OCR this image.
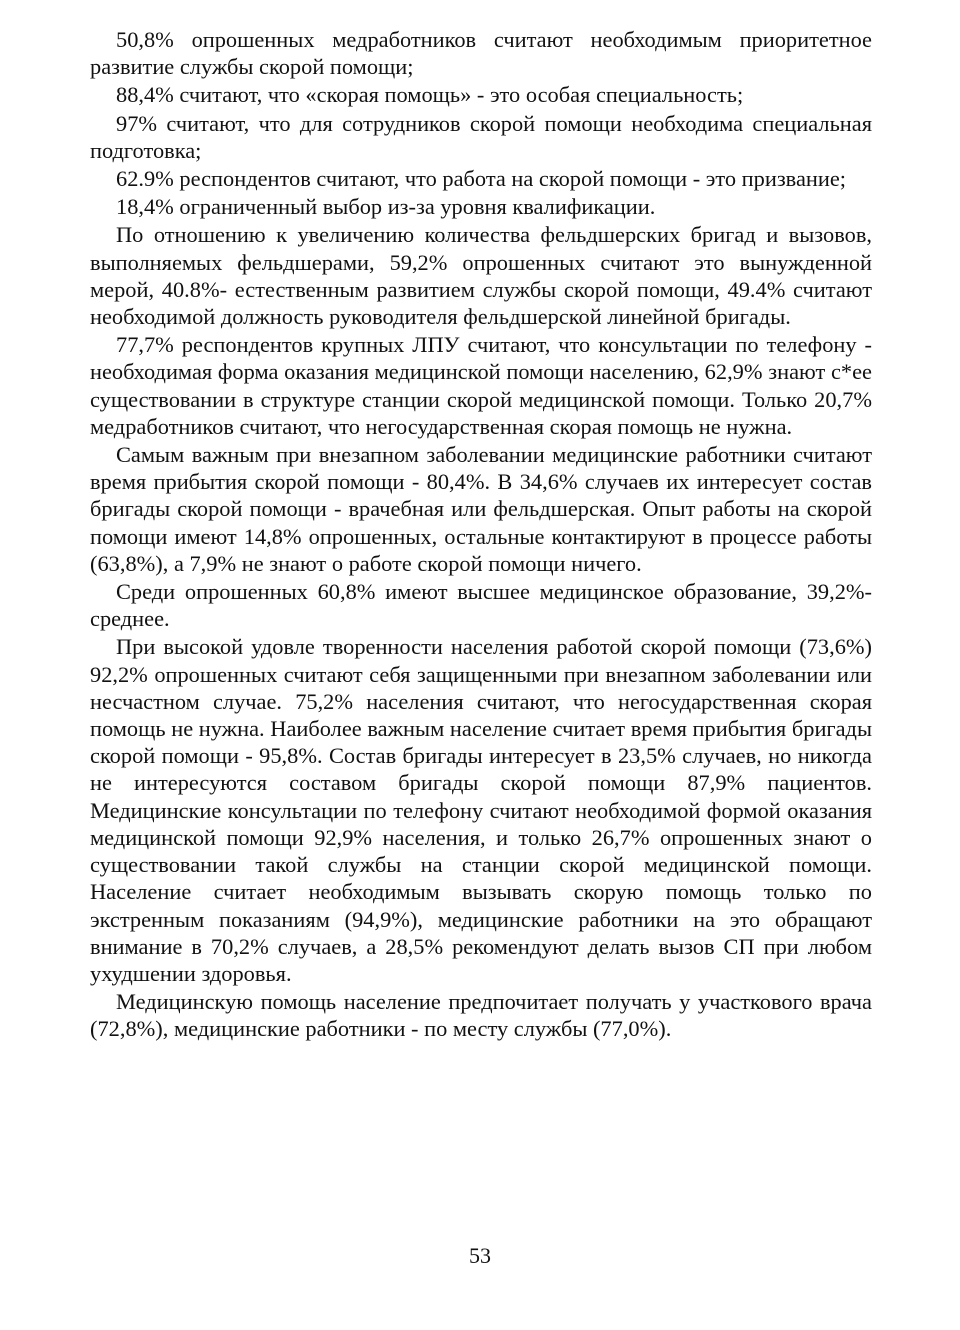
50,8% опрошенных медработников считают необходимым приоритетное развитие службы скорой помощи;

88,4% считают, что «скорая помощь» - это особая специальность;

97% считают, что для сотрудников скорой помощи необходима специальная подготовка;

62.9% респондентов считают, что работа на скорой помощи - это призвание;

18,4% ограниченный выбор из-за уровня квалификации.

По отношению к увеличению количества фельдшерских бригад и вызовов, выполняемых фельдшерами, 59,2% опрошенных считают это вынужденной мерой, 40.8%- естественным развитием службы скорой помощи, 49.4% считают необходимой должность руководителя фельдшерской линейной бригады.

77,7% респондентов крупных ЛПУ считают, что консультации по телефону - необходимая форма оказания медицинской помощи населению, 62,9% знают с*ее существовании в структуре станции скорой медицинской помощи. Только 20,7% медработников считают, что негосударственная скорая помощь не нужна.

Самым важным при внезапном заболевании медицинские работники считают время прибытия скорой помощи - 80,4%. В 34,6% случаев их интересует состав бригады скорой помощи - врачебная или фельдшерская. Опыт работы на скорой помощи имеют 14,8% опрошенных, остальные контактируют в процессе работы (63,8%), а 7,9% не знают о работе скорой помощи ничего.

Среди опрошенных 60,8% имеют высшее медицинское образование, 39,2%-среднее.

При высокой удовле творенности населения работой скорой помощи (73,6%) 92,2% опрошенных считают себя защищенными при внезапном заболевании или несчастном случае. 75,2% населения считают, что негосударственная скорая помощь не нужна. Наиболее важным население считает время прибытия бригады скорой помощи - 95,8%. Состав бригады интересует в 23,5% случаев, но никогда не интересуются составом бригады скорой помощи 87,9% пациентов. Медицинские консультации по телефону считают необходимой формой оказания медицинской помощи 92,9% населения, и только 26,7% опрошенных знают о существовании такой службы на станции скорой медицинской помощи. Население считает необходимым вызывать скорую помощь только по экстренным показаниям (94,9%), медицинские работники на это обращают внимание в 70,2% случаев, а 28,5% рекомендуют делать вызов СП при любом ухудшении здоровья.

Медицинскую помощь население предпочитает получать у участкового врача (72,8%), медицинские работники - по месту службы (77,0%).

53
